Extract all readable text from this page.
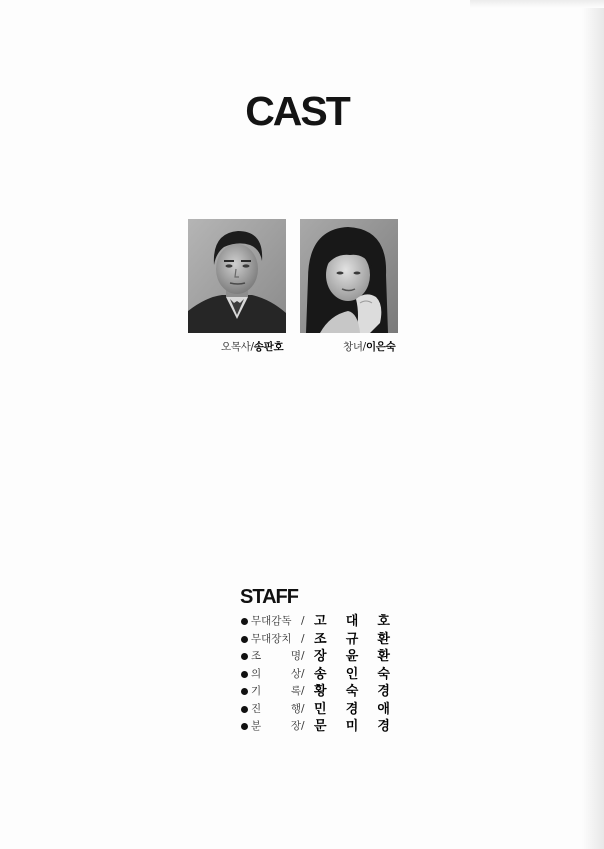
CAST
오목사/송판호	창녀/이은숙
STAFF
무대감독 / 고 대 호
무대장치 / 조 규 환
조 명/ 장 윤 환
의 상/ 송 인 숙
기 록/ 황 숙 경
진 행/ 민 경 애
분 장/ 문 미 경
